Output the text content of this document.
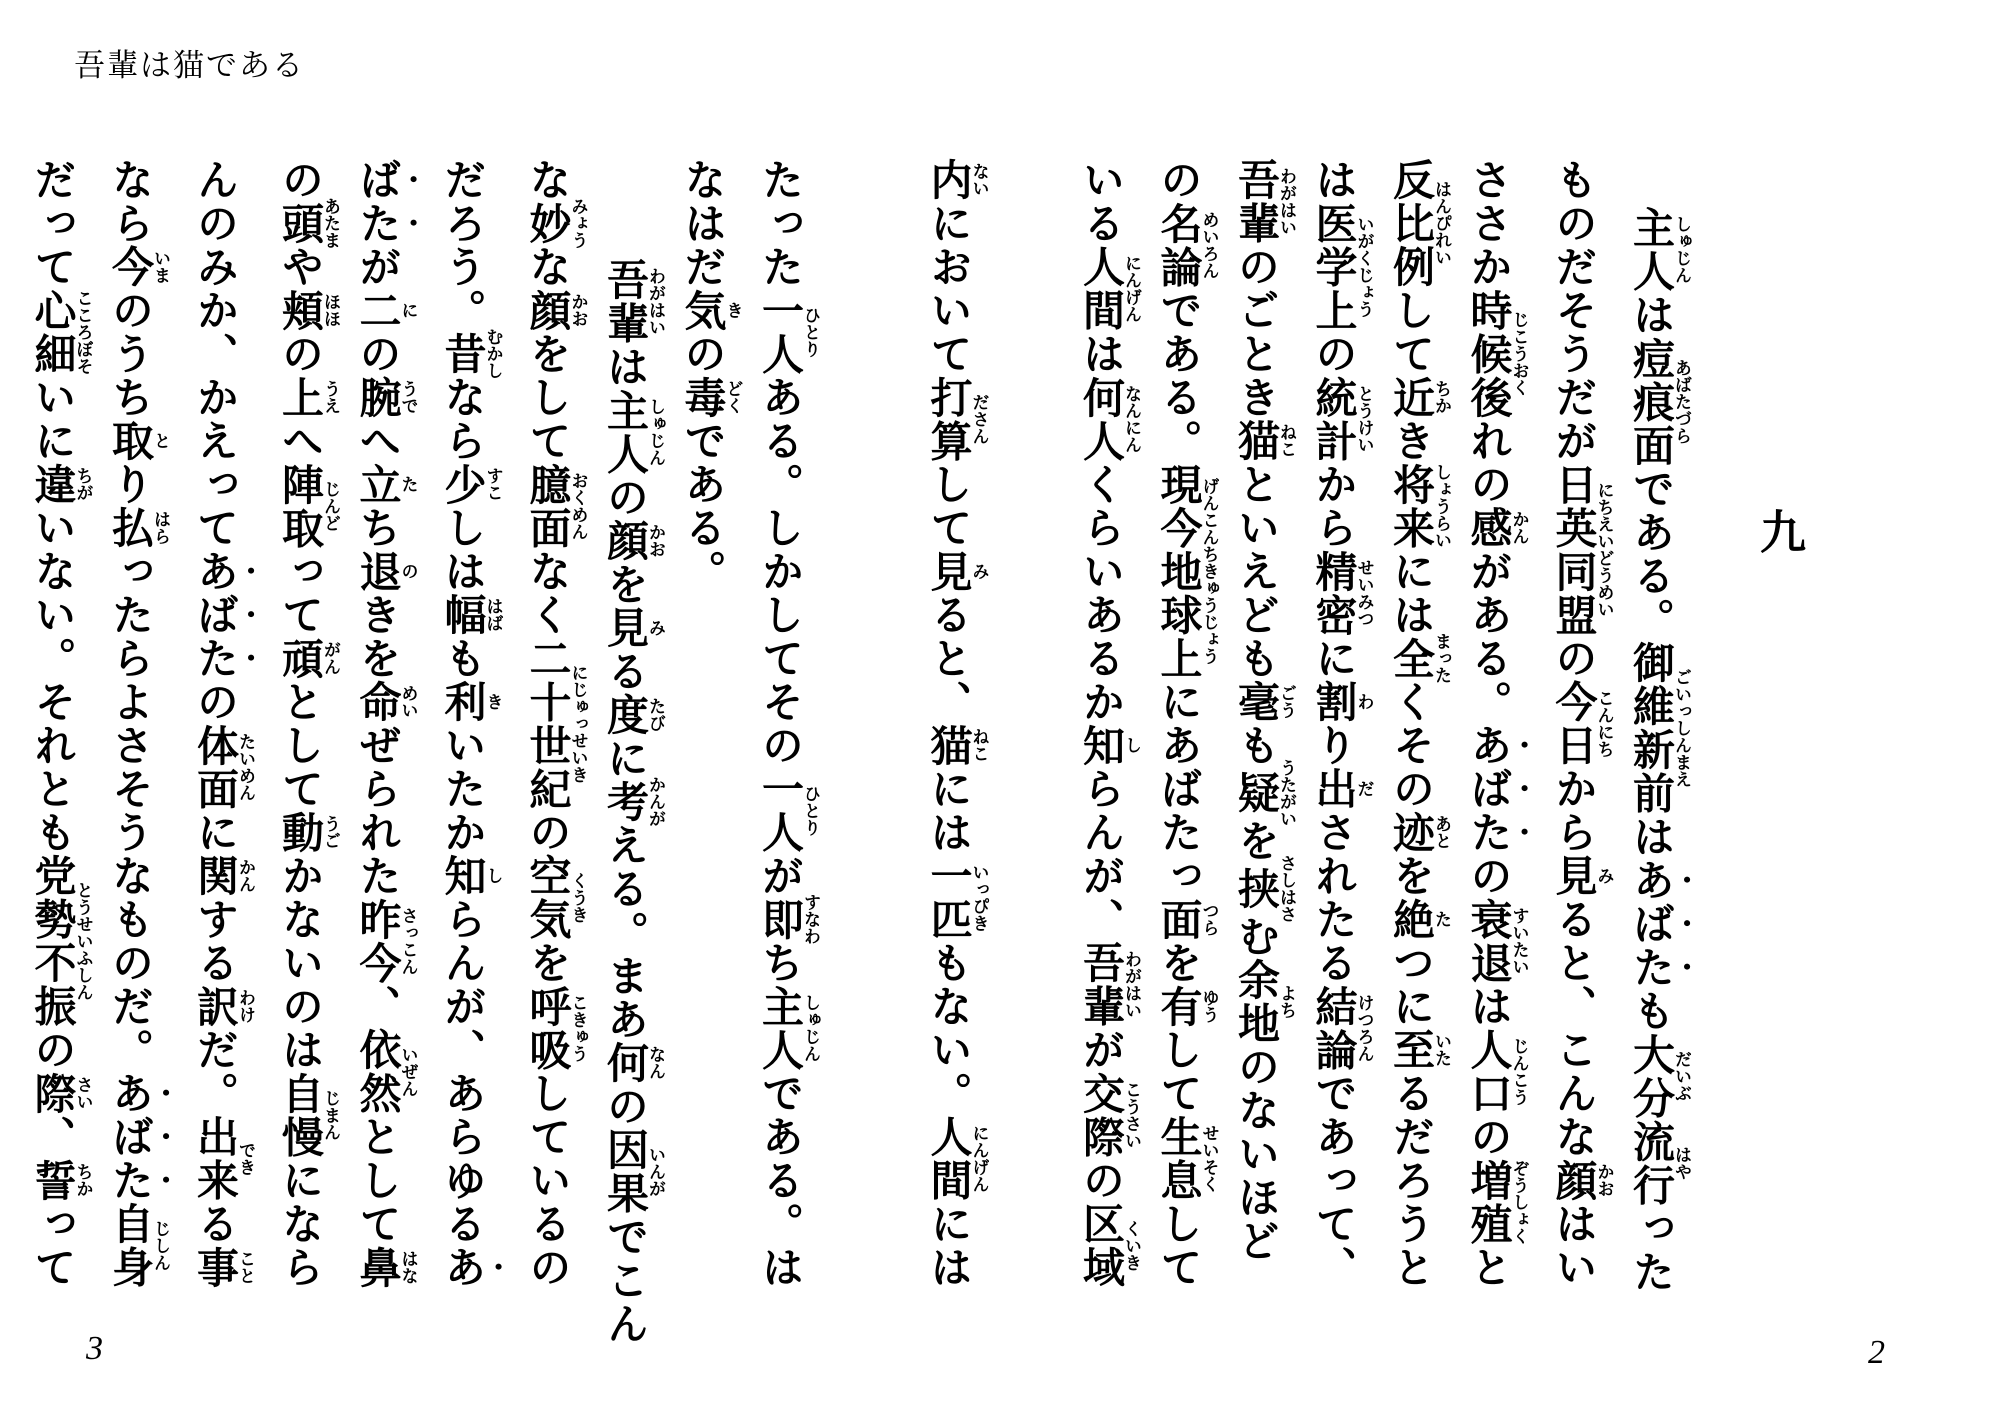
吾輩は猫である
九
主人しゅじんは痘痕面あばたづらである。御維新前ごいっしんまえはあばたも大分だいぶ流行はやった
ものだそうだが日英同盟にちえいどうめいの今日こんにちから見みると、こんな顔かおはい
ささか時候後じこうおくれの感かんがある。あばたの衰退すいたいは人口じんこうの増殖ぞうしょくと
反比例はんぴれいして近ちかき将来しょうらいには全まったくその迹あとを絶たつに至いたるだろうと
は医学上いがくじょうの統計とうけいから精密せいみつに割わり出だされたる結論けつろんであって、
吾輩わがはいのごとき猫ねこといえども毫ごうも疑うたがいを挟さしはさむ余地よちのないほど
の名論めいろんである。現今地球上げんこんちきゅうじょうにあばたっ面つらを有ゆうして生息せいそくして
いる人間にんげんは何人なんにんくらいあるか知しらんが、吾輩わがはいが交際こうさいの区域くいき
内ないにおいて打算ださんして見みると、猫ねこには一匹いっぴきもない。人間にんげんには
たった一人ひとりある。しかしてその一人ひとりが即すなわち主人しゅじんである。は
なはだ気きの毒どくである。
吾輩わがはいは主人しゅじんの顔かおを見みる度たびに考かんがえる。まあ何なんの因果いんがでこん
な妙みょうな顔かおをして臆面おくめんなく二十世紀にじゅっせいきの空気くうきを呼吸こきゅうしているの
だろう。昔むかしなら少すこしは幅はばも利きいたか知しらんが、あらゆるあ
ばたが二にの腕うでへ立たち退のきを命めいぜられた昨今さっこん、依然いぜんとして鼻はな
の頭あたまや頬ほほの上うえへ陣取じんどって頑がんとして動うごかないのは自慢じまんになら
んのみか、かえってあばたの体面たいめんに関かんする訳わけだ。出来できる事こと
なら今いまのうち取とり払はらったらよさそうなものだ。あばた自身じしん
だって心細こころぼそいに違ちがいない。それとも党勢不振とうせいふしんの際さい、誓ちかって
2
3
